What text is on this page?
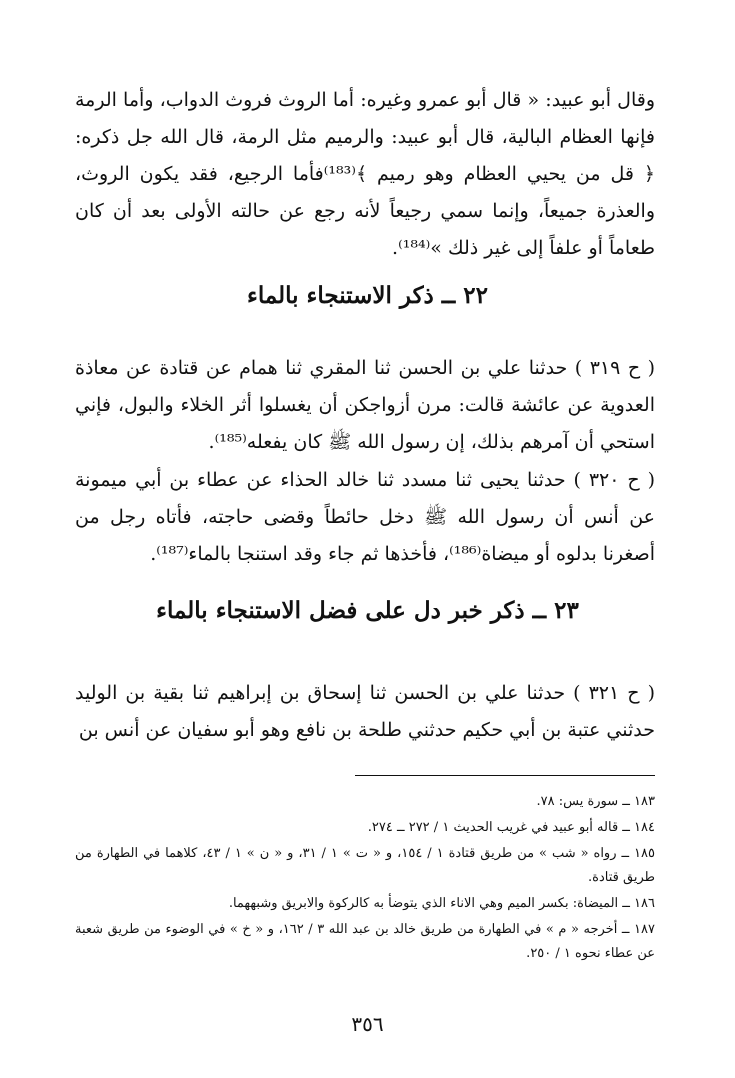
وقال أبو عبيد: « قال أبو عمرو وغيره: أما الروث فروث الدواب، وأما الرمة فإنها العظام البالية، قال أبو عبيد: والرميم مثل الرمة، قال الله جل ذكره: ﴿ قل من يحيي العظام وهو رميم ﴾⁽¹⁸³⁾فأما الرجيع، فقد يكون الروث، والعذرة جميعاً، وإنما سمي رجيعاً لأنه رجع عن حالته الأولى بعد أن كان طعاماً أو علفاً إلى غير ذلك »⁽¹⁸⁴⁾.

٢٢ ــ ذكر الاستنجاء بالماء

( ح ٣١٩ ) حدثنا علي بن الحسن ثنا المقري ثنا همام عن قتادة عن معاذة العدوية عن عائشة قالت: مرن أزواجكن أن يغسلوا أثر الخلاء والبول، فإني استحي أن آمرهم بذلك، إن رسول الله ﷺ كان يفعله⁽¹⁸⁵⁾.

( ح ٣٢٠ ) حدثنا يحيى ثنا مسدد ثنا خالد الحذاء عن عطاء بن أبي ميمونة عن أنس أن رسول الله ﷺ دخل حائطاً وقضى حاجته، فأتاه رجل من أصغرنا بدلوه أو ميضاة⁽¹⁸⁶⁾، فأخذها ثم جاء وقد استنجا بالماء⁽¹⁸⁷⁾.

٢٣ ــ ذكر خبر دل على فضل الاستنجاء بالماء

( ح ٣٢١ ) حدثنا علي بن الحسن ثنا إسحاق بن إبراهيم ثنا بقية بن الوليد حدثني عتبة بن أبي حكيم حدثني طلحة بن نافع وهو أبو سفيان عن أنس بن

١٨٣ ــ سورة يس: ٧٨.

١٨٤ ــ قاله أبو عبيد في غريب الحديث ١ / ٢٧٢ ــ ٢٧٤.

١٨٥ ــ رواه « شب » من طريق قتادة ١ / ١٥٤، و « ت » ١ / ٣١، و « ن » ١ / ٤٣، كلاهما في الطهارة من طريق قتادة.

١٨٦ ــ الميضاة: بكسر الميم وهي الاناء الذي يتوضأ به كالركوة والابريق وشبههما.

١٨٧ ــ أخرجه « م » في الطهارة من طريق خالد بن عبد الله ٣ / ١٦٢، و « خ » في الوضوء من طريق شعبة عن عطاء نحوه ١ / ٢٥٠.

٣٥٦
